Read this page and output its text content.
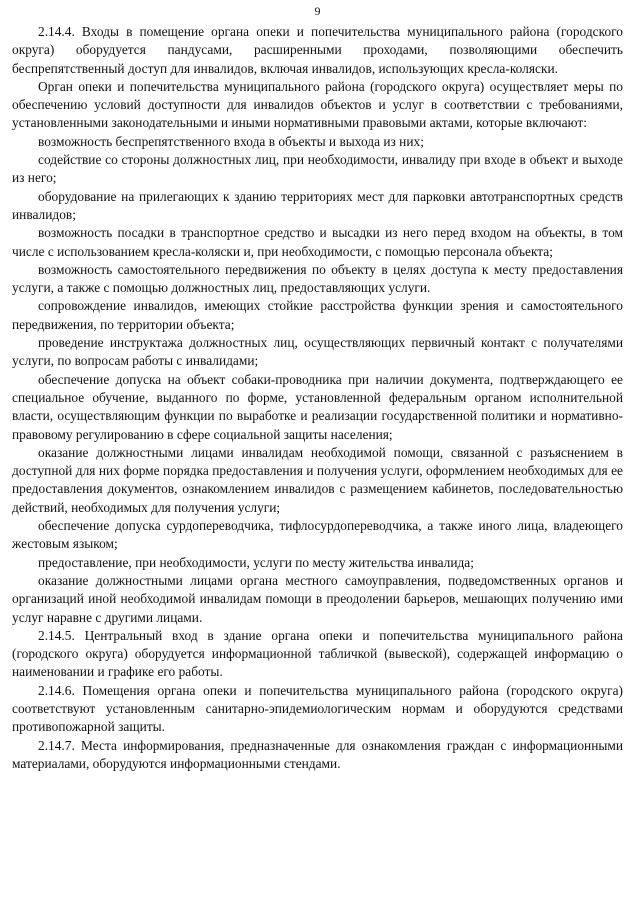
9

2.14.4. Входы в помещение органа опеки и попечительства муниципального района (городского округа) оборудуется пандусами, расширенными проходами, позволяющими обеспечить беспрепятственный доступ для инвалидов, включая инвалидов, использующих кресла-коляски.

Орган опеки и попечительства муниципального района (городского округа) осуществляет меры по обеспечению условий доступности для инвалидов объектов и услуг в соответствии с требованиями, установленными законодательными и иными нормативными правовыми актами, которые включают:

возможность беспрепятственного входа в объекты и выхода из них;

содействие со стороны должностных лиц, при необходимости, инвалиду при входе в объект и выходе из него;

оборудование на прилегающих к зданию территориях мест для парковки автотранспортных средств инвалидов;

возможность посадки в транспортное средство и высадки из него перед входом на объекты, в том числе с использованием кресла-коляски и, при необходимости, с помощью персонала объекта;

возможность самостоятельного передвижения по объекту в целях доступа к месту предоставления услуги, а также с помощью должностных лиц, предоставляющих услуги.

сопровождение инвалидов, имеющих стойкие расстройства функции зрения и самостоятельного передвижения, по территории объекта;

проведение инструктажа должностных лиц, осуществляющих первичный контакт с получателями услуги, по вопросам работы с инвалидами;

обеспечение допуска на объект собаки-проводника при наличии документа, подтверждающего ее специальное обучение, выданного по форме, установленной федеральным органом исполнительной власти, осуществляющим функции по выработке и реализации государственной политики и нормативно-правовому регулированию в сфере социальной защиты населения;

оказание должностными лицами инвалидам необходимой помощи, связанной с разъяснением в доступной для них форме порядка предоставления и получения услуги, оформлением необходимых для ее предоставления документов, ознакомлением инвалидов с размещением кабинетов, последовательностью действий, необходимых для получения услуги;

обеспечение допуска сурдопереводчика, тифлосурдопереводчика, а также иного лица, владеющего жестовым языком;

предоставление, при необходимости, услуги по месту жительства инвалида;

оказание должностными лицами органа местного самоуправления, подведомственных органов и организаций иной необходимой инвалидам помощи в преодолении барьеров, мешающих получению ими услуг наравне с другими лицами.

2.14.5. Центральный вход в здание органа опеки и попечительства муниципального района (городского округа) оборудуется информационной табличкой (вывеской), содержащей информацию о наименовании и графике его работы.

2.14.6. Помещения органа опеки и попечительства муниципального района (городского округа) соответствуют установленным санитарно-эпидемиологическим нормам и оборудуются средствами противопожарной защиты.

2.14.7. Места информирования, предназначенные для ознакомления граждан с информационными материалами, оборудуются информационными стендами.
